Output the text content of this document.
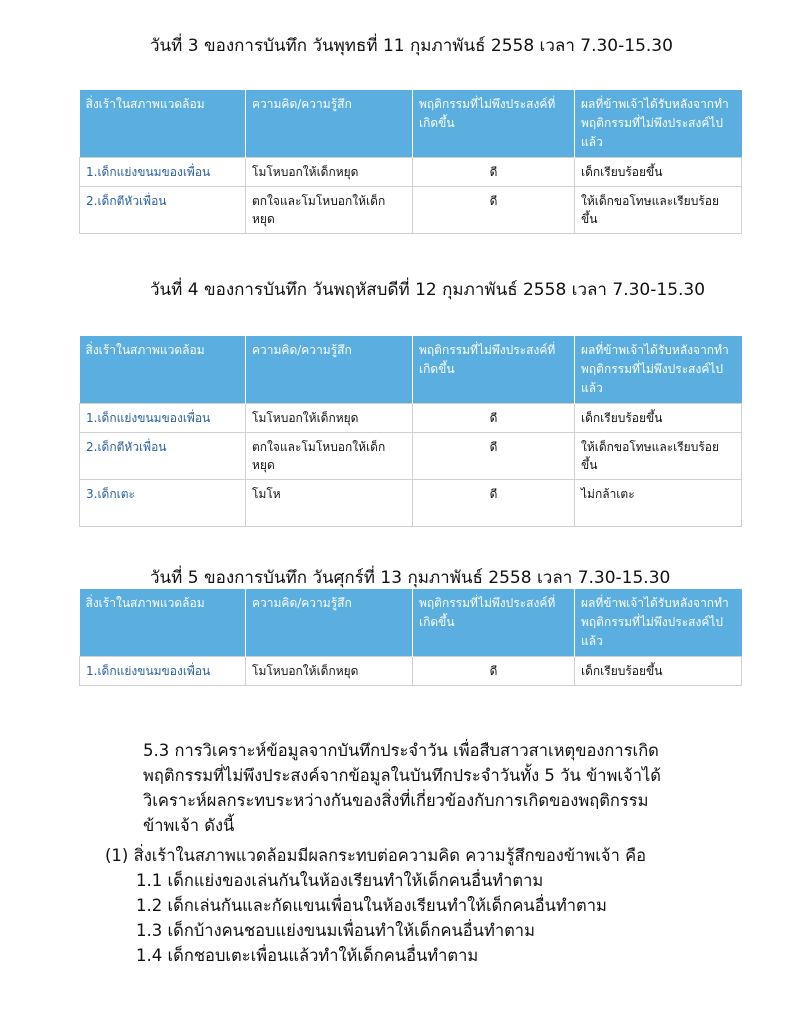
วันที่ 3 ของการบันทึก วันพุทธที่ 11 กุมภาพันธ์ 2558 เวลา 7.30-15.30
สิ่งเร้าในสภาพแวดล้อม	ความคิด/ความรู้สึก	พฤติกรรมที่ไม่พึงประสงค์ที่เกิดขึ้น	ผลที่ข้าพเจ้าได้รับหลังจากทำพฤติกรรมที่ไม่พึงประสงค์ไปแล้ว
1.เด็กแย่งขนมของเพื่อน	โมโหบอกให้เด็กหยุด	ดี	เด็กเรียบร้อยขึ้น
2.เด็กตีหัวเพื่อน	ตกใจและโมโหบอกให้เด็กหยุด	ดี	ให้เด็กขอโทษและเรียบร้อยขึ้น
วันที่ 4 ของการบันทึก วันพฤหัสบดีที่ 12 กุมภาพันธ์ 2558 เวลา 7.30-15.30
สิ่งเร้าในสภาพแวดล้อม	ความคิด/ความรู้สึก	พฤติกรรมที่ไม่พึงประสงค์ที่เกิดขึ้น	ผลที่ข้าพเจ้าได้รับหลังจากทำพฤติกรรมที่ไม่พึงประสงค์ไปแล้ว
1.เด็กแย่งขนมของเพื่อน	โมโหบอกให้เด็กหยุด	ดี	เด็กเรียบร้อยขึ้น
2.เด็กตีหัวเพื่อน	ตกใจและโมโหบอกให้เด็กหยุด	ดี	ให้เด็กขอโทษและเรียบร้อยขึ้น
3.เด็กเตะ	โมโห	ดี	ไม่กล้าเตะ
วันที่ 5 ของการบันทึก วันศุกร์ที่ 13 กุมภาพันธ์ 2558 เวลา 7.30-15.30
สิ่งเร้าในสภาพแวดล้อม	ความคิด/ความรู้สึก	พฤติกรรมที่ไม่พึงประสงค์ที่เกิดขึ้น	ผลที่ข้าพเจ้าได้รับหลังจากทำพฤติกรรมที่ไม่พึงประสงค์ไปแล้ว
1.เด็กแย่งขนมของเพื่อน	โมโหบอกให้เด็กหยุด	ดี	เด็กเรียบร้อยขึ้น
5.3 การวิเคราะห์ข้อมูลจากบันทึกประจำวัน เพื่อสืบสาวสาเหตุของการเกิด
พฤติกรรมที่ไม่พึงประสงค์จากข้อมูลในบันทึกประจำวันทั้ง 5 วัน ข้าพเจ้าได้
วิเคราะห์ผลกระทบระหว่างกันของสิ่งที่เกี่ยวข้องกับการเกิดของพฤติกรรม
ข้าพเจ้า ดังนี้
(1) สิ่งเร้าในสภาพแวดล้อมมีผลกระทบต่อความคิด ความรู้สึกของข้าพเจ้า คือ
1.1 เด็กแย่งของเล่นกันในห้องเรียนทำให้เด็กคนอื่นทำตาม
1.2 เด็กเล่นกันและกัดแขนเพื่อนในห้องเรียนทำให้เด็กคนอื่นทำตาม
1.3 เด็กบ้างคนชอบแย่งขนมเพื่อนทำให้เด็กคนอื่นทำตาม
1.4 เด็กชอบเตะเพื่อนแล้วทำให้เด็กคนอื่นทำตาม
